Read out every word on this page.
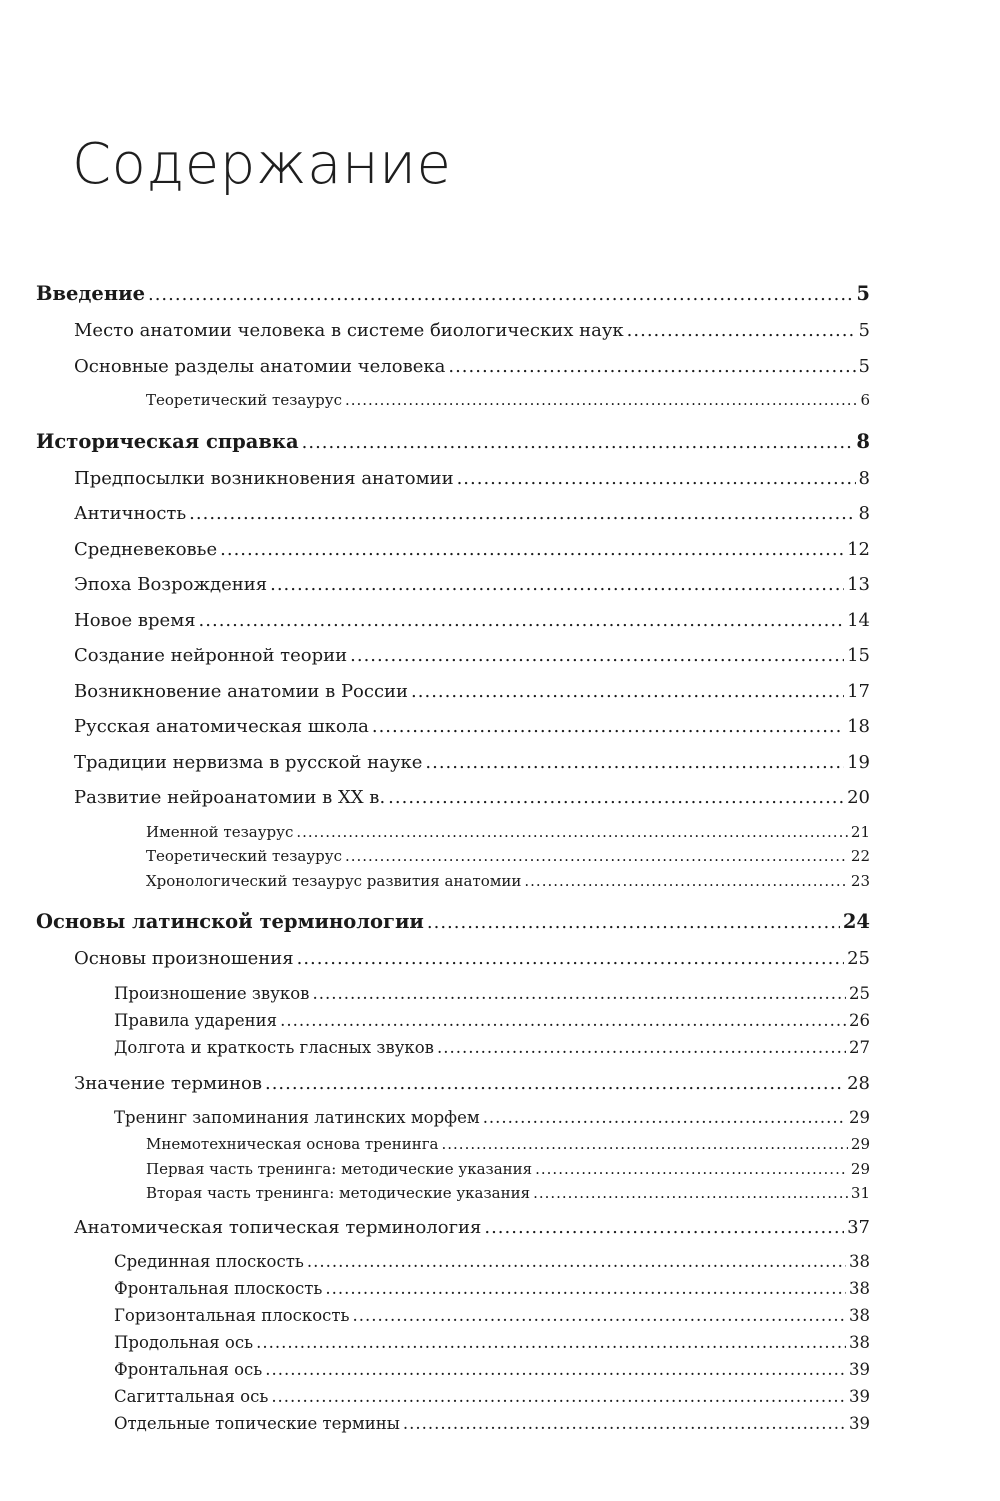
Содержание
Введение .....	5
Место анатомии человека в системе биологических наук .....	5
Основные разделы анатомии человека .....	5
Теоретический тезаурус .....	6
Историческая справка .....	8
Предпосылки возникновения анатомии .....	8
Античность .....	8
Средневековье .....	12
Эпоха Возрождения .....	13
Новое время .....	14
Создание нейронной теории .....	15
Возникновение анатомии в России .....	17
Русская анатомическая школа .....	18
Традиции нервизма в русской науке .....	19
Развитие нейроанатомии в XX в. .....	20
Именной тезаурус .....	21
Теоретический тезаурус .....	22
Хронологический тезаурус развития анатомии .....	23
Основы латинской терминологии .....	24
Основы произношения .....	25
Произношение звуков .....	25
Правила ударения .....	26
Долгота и краткость гласных звуков .....	27
Значение терминов .....	28
Тренинг запоминания латинских морфем .....	29
Мнемотехническая основа тренинга .....	29
Первая часть тренинга: методические указания .....	29
Вторая часть тренинга: методические указания .....	31
Анатомическая топическая терминология .....	37
Срединная плоскость .....	38
Фронтальная плоскость .....	38
Горизонтальная плоскость .....	38
Продольная ось .....	38
Фронтальная ось .....	39
Сагиттальная ось .....	39
Отдельные топические термины .....	39
